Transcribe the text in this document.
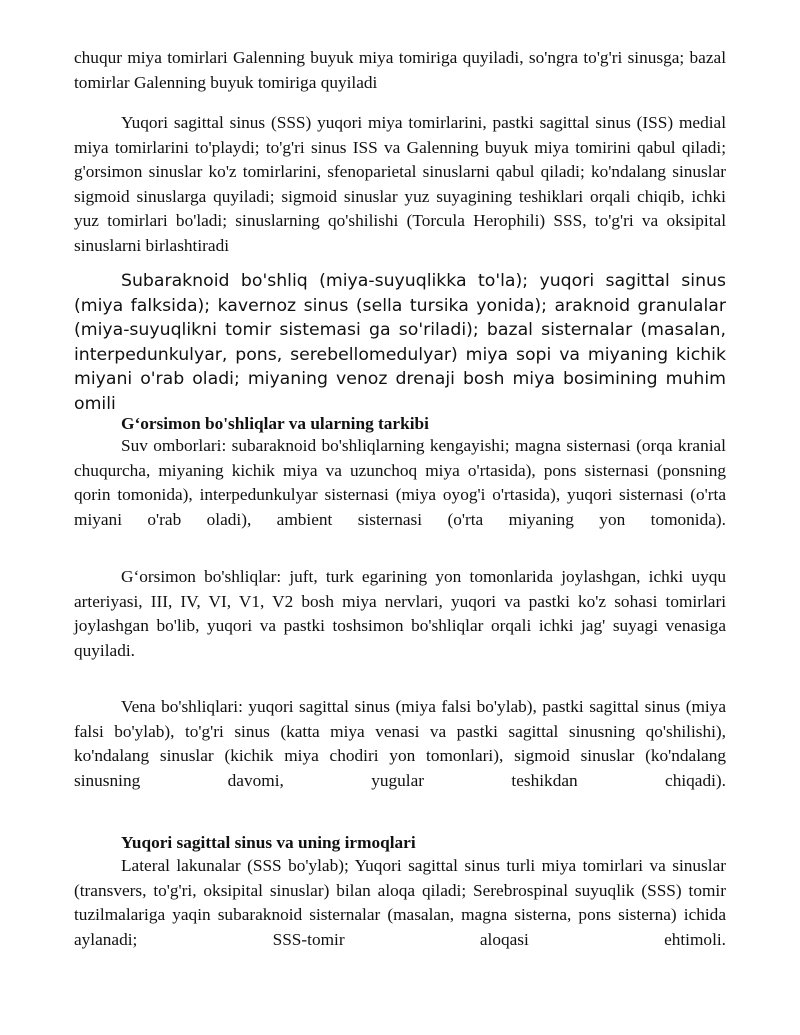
chuqur miya tomirlari Galenning buyuk miya tomiriga quyiladi, so'ngra to'g'ri sinusga; bazal tomirlar Galenning buyuk tomiriga quyiladi

Yuqori sagittal sinus (SSS) yuqori miya tomirlarini, pastki sagittal sinus (ISS) medial miya tomirlarini to'playdi; to'g'ri sinus ISS va Galenning buyuk miya tomirini qabul qiladi; g'orsimon sinuslar ko'z tomirlarini, sfenoparietal sinuslarni qabul qiladi; ko'ndalang sinuslar sigmoid sinuslarga quyiladi; sigmoid sinuslar yuz suyagining teshiklari orqali chiqib, ichki yuz tomirlari bo'ladi; sinuslarning qo'shilishi (Torcula Herophili) SSS, to'g'ri va oksipital sinuslarni birlashtiradi

Subaraknoid bo'shliq (miya-suyuqlikka to'la); yuqori sagittal sinus (miya falksida); kavernoz sinus (sella tursika yonida); araknoid granulalar (miya-suyuqlikni tomir sistemasi ga so'riladi); bazal sisternalar (masalan, interpedunkulyar, pons, serebellomedulyar) miya sopi va miyaning kichik miyani o'rab oladi; miyaning venoz drenaji bosh miya bosimining muhim omili

G‘orsimon bo'shliqlar va ularning tarkibi

Suv omborlari: subaraknoid bo'shliqlarning kengayishi; magna sisternasi (orqa kranial chuqurcha, miyaning kichik miya va uzunchoq miya o'rtasida), pons sisternasi (ponsning qorin tomonida), interpedunkulyar sisternasi (miya oyog'i o'rtasida), yuqori sisternasi (o'rta miyani o'rab oladi), ambient sisternasi (o'rta miyaning yon tomonida).

G‘orsimon bo'shliqlar: juft, turk egarining yon tomonlarida joylashgan, ichki uyqu arteriyasi, III, IV, VI, V1, V2 bosh miya nervlari, yuqori va pastki ko'z sohasi tomirlari joylashgan bo'lib, yuqori va pastki toshsimon bo'shliqlar orqali ichki jag' suyagi venasiga quyiladi.

Vena bo'shliqlari: yuqori sagittal sinus (miya falsi bo'ylab), pastki sagittal sinus (miya falsi bo'ylab), to'g'ri sinus (katta miya venasi va pastki sagittal sinusning qo'shilishi), ko'ndalang sinuslar (kichik miya chodiri yon tomonlari), sigmoid sinuslar (ko'ndalang sinusning davomi, yugular teshikdan chiqadi).

Yuqori sagittal sinus va uning irmoqlari

Lateral lakunalar (SSS bo'ylab); Yuqori sagittal sinus turli miya tomirlari va sinuslar (transvers, to'g'ri, oksipital sinuslar) bilan aloqa qiladi; Serebrospinal suyuqlik (SSS) tomir tuzilmalariga yaqin subaraknoid sisternalar (masalan, magna sisterna, pons sisterna) ichida aylanadi; SSS-tomir aloqasi ehtimoli.
